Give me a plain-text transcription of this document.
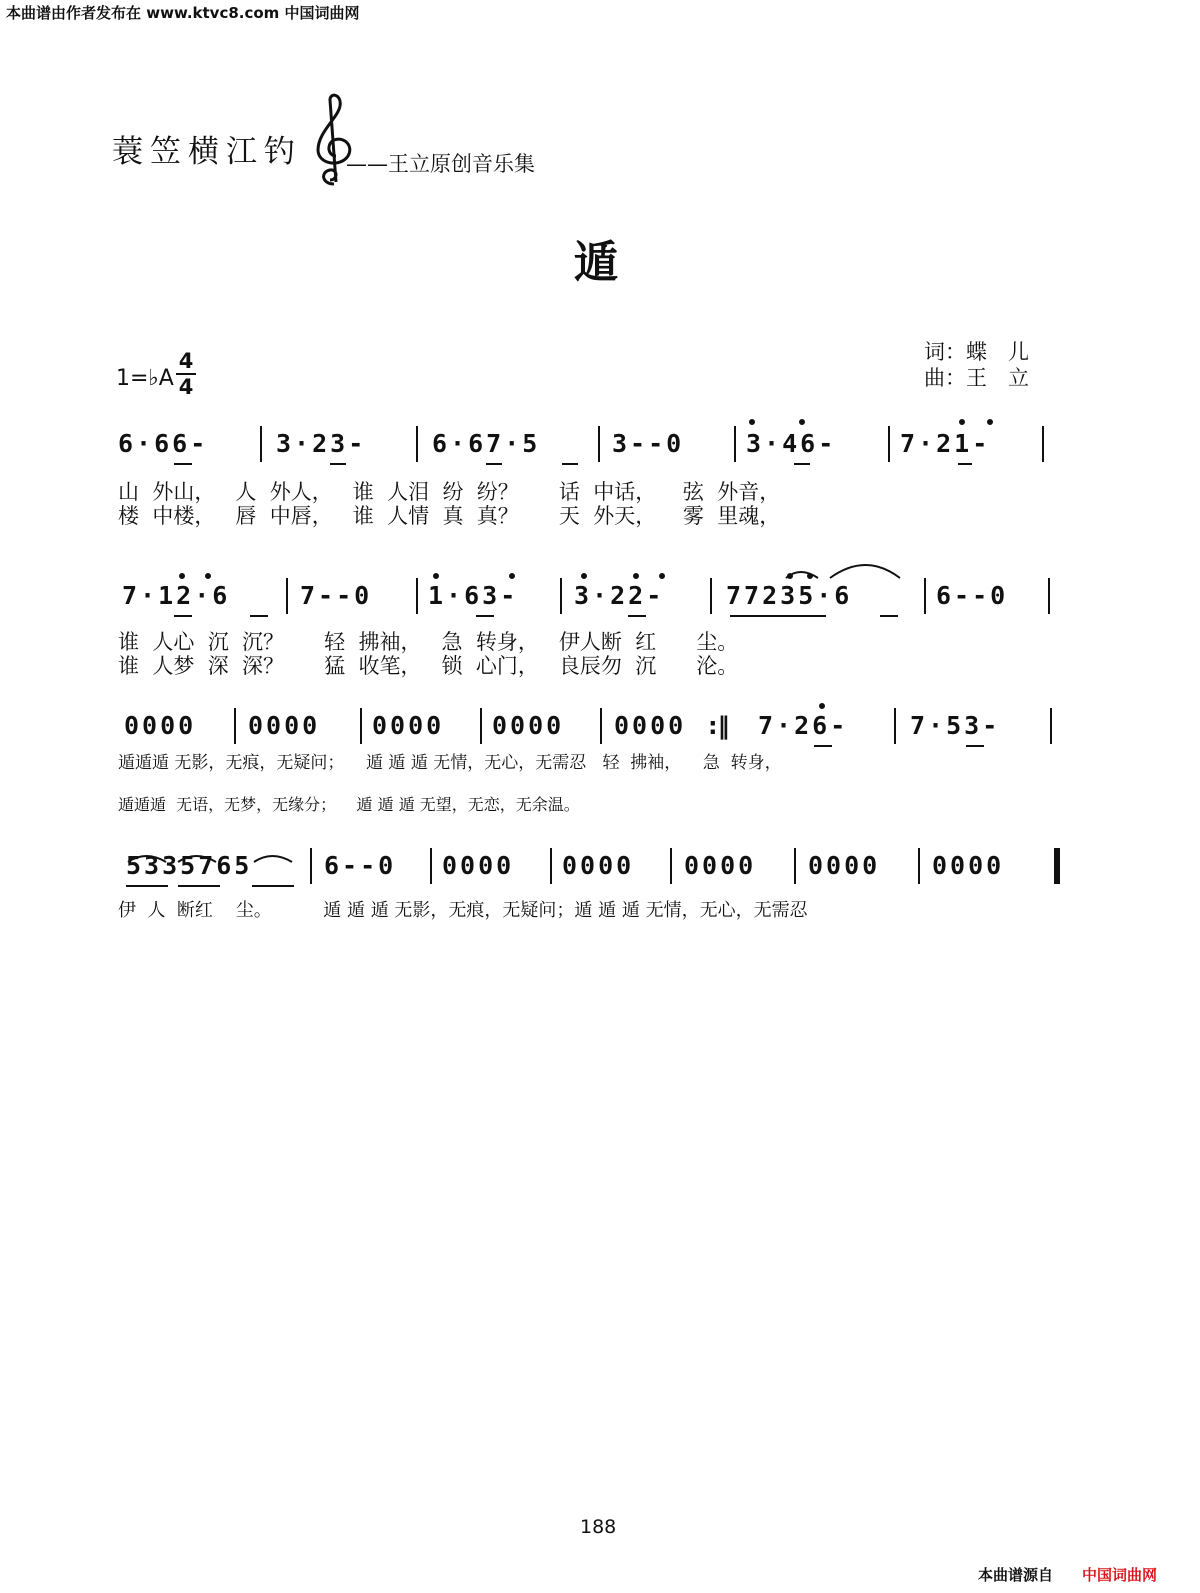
本曲谱由作者发布在 www.ktvc8.com 中国词曲网
蓑笠横江钓 ——王立原创音乐集
遁
词：蝶　儿
曲：王　立
1=♭A
4
4
6·66-	3·23-	6·67·5	3--0 3·46-	7·21-
山  外山，   人  外人，   谁  人泪  纷  纷？      话  中话，    弦  外音，
楼  中楼，   唇  中唇，   谁  人情  真  真？      天  外天，    雾  里魂，
7·12·6	7--0 1·63- 3·22- 77235·6	6--0
谁  人心  沉  沉？      轻  拂袖，   急  转身，   伊人断  红      尘。
谁  人梦  深  深？      猛  收笔，   锁  心门，   良辰勿  沉      沦。
0000 0000 0000 0000 0000 :‖ 7·26- 7·53-
遁遁遁 无影，无痕，无疑问；    遁 遁 遁 无情，无心，无需忍   轻  拂袖，    急  转身，
遁遁遁  无语，无梦，无缘分；    遁 遁 遁 无望，无恋，无余温。
5335765	6--0 0000 0000 0000 0000 0000
伊  人  断红    尘。         遁 遁 遁 无影，无痕，无疑问；遁 遁 遁 无情，无心，无需忍
188
本曲谱源自 中国词曲网
